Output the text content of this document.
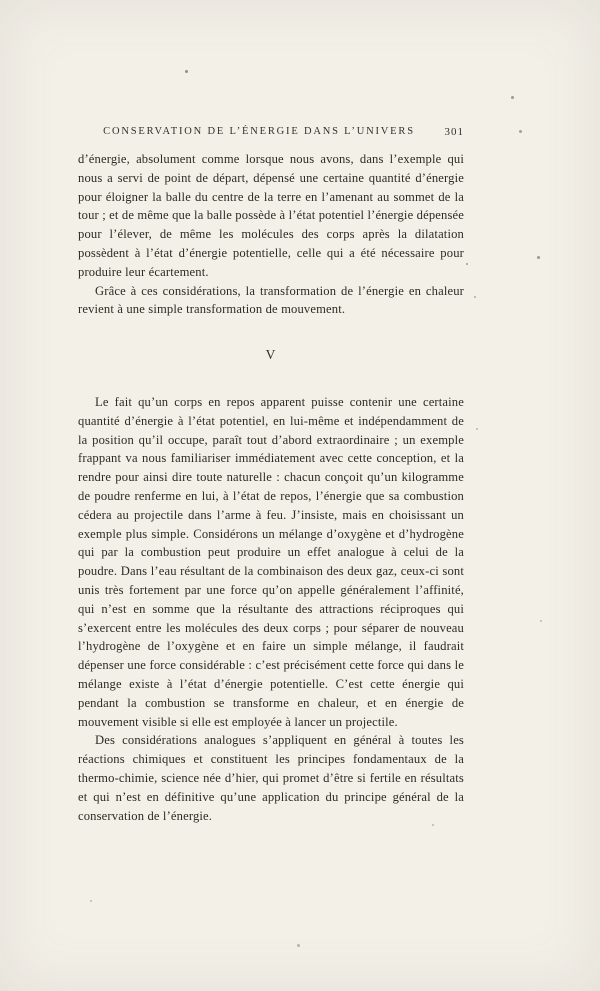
CONSERVATION DE L’ÉNERGIE DANS L’UNIVERS	301

d’énergie, absolument comme lorsque nous avons, dans l’exemple qui nous a servi de point de départ, dépensé une certaine quantité d’énergie pour éloigner la balle du centre de la terre en l’amenant au sommet de la tour ; et de même que la balle possède à l’état potentiel l’énergie dépensée pour l’élever, de même les molécules des corps après la dilatation possèdent à l’état d’énergie potentielle, celle qui a été nécessaire pour produire leur écartement.

Grâce à ces considérations, la transformation de l’énergie en chaleur revient à une simple transformation de mouvement.

V

Le fait qu’un corps en repos apparent puisse contenir une certaine quantité d’énergie à l’état potentiel, en lui-même et indépendamment de la position qu’il occupe, paraît tout d’abord extraordinaire ; un exemple frappant va nous familiariser immédiatement avec cette conception, et la rendre pour ainsi dire toute naturelle : chacun conçoit qu’un kilogramme de poudre renferme en lui, à l’état de repos, l’énergie que sa combustion cédera au projectile dans l’arme à feu. J’insiste, mais en choisissant un exemple plus simple. Considérons un mélange d’oxygène et d’hydrogène qui par la combustion peut produire un effet analogue à celui de la poudre. Dans l’eau résultant de la combinaison des deux gaz, ceux-ci sont unis très fortement par une force qu’on appelle généralement l’affinité, qui n’est en somme que la résultante des attractions réciproques qui s’exercent entre les molécules des deux corps ; pour séparer de nouveau l’hydrogène de l’oxygène et en faire un simple mélange, il faudrait dépenser une force considérable : c’est précisément cette force qui dans le mélange existe à l’état d’énergie potentielle. C’est cette énergie qui pendant la combustion se transforme en chaleur, et en énergie de mouvement visible si elle est employée à lancer un projectile.

Des considérations analogues s’appliquent en général à toutes les réactions chimiques et constituent les principes fondamentaux de la thermo-chimie, science née d’hier, qui promet d’être si fertile en résultats et qui n’est en définitive qu’une application du principe général de la conservation de l’énergie.
